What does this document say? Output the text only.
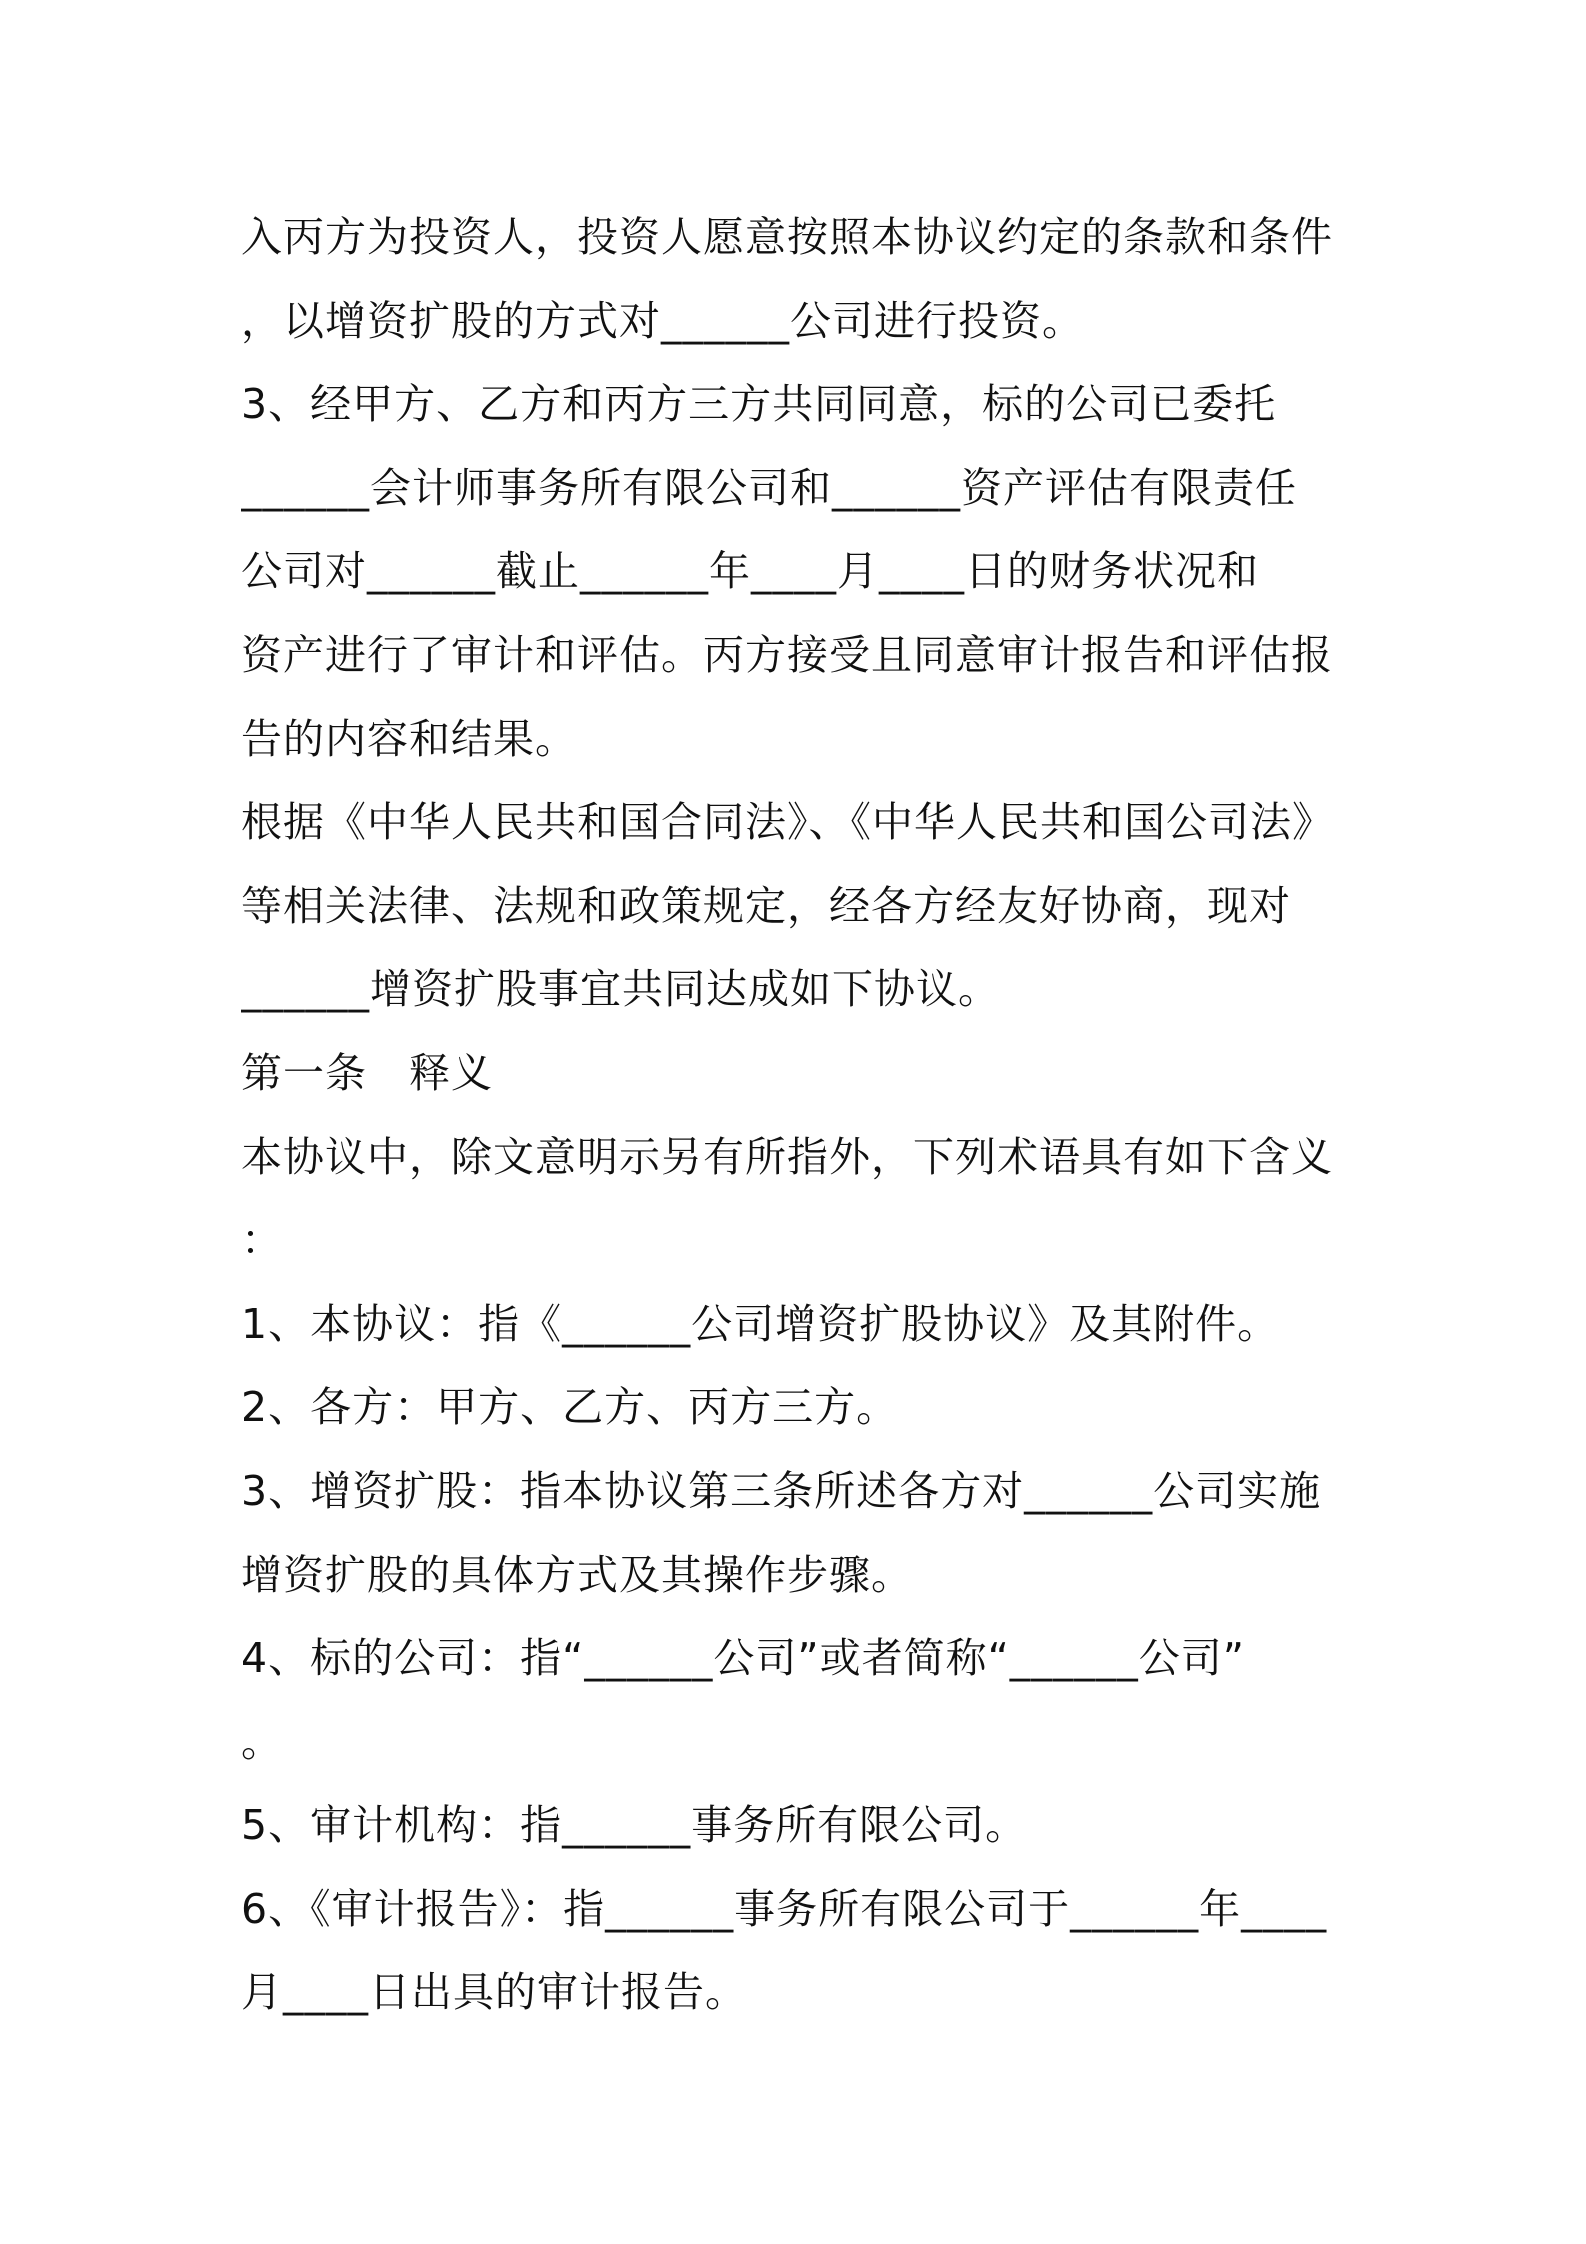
入丙方为投资人，投资人愿意按照本协议约定的条款和条件
，以增资扩股的方式对______公司进行投资。
3、经甲方、乙方和丙方三方共同同意，标的公司已委托
______会计师事务所有限公司和______资产评估有限责任
公司对______截止______年____月____日的财务状况和
资产进行了审计和评估。丙方接受且同意审计报告和评估报
告的内容和结果。
根据《中华人民共和国合同法》、《中华人民共和国公司法》
等相关法律、法规和政策规定，经各方经友好协商，现对
______增资扩股事宜共同达成如下协议。
第一条　释义
本协议中，除文意明示另有所指外，下列术语具有如下含义
：
1、本协议：指《______公司增资扩股协议》及其附件。
2、各方：甲方、乙方、丙方三方。
3、增资扩股：指本协议第三条所述各方对______公司实施
增资扩股的具体方式及其操作步骤。
4、标的公司：指“______公司”或者简称“______公司”
。
5、审计机构：指______事务所有限公司。
6、《审计报告》：指______事务所有限公司于______年____
月____日出具的审计报告。
